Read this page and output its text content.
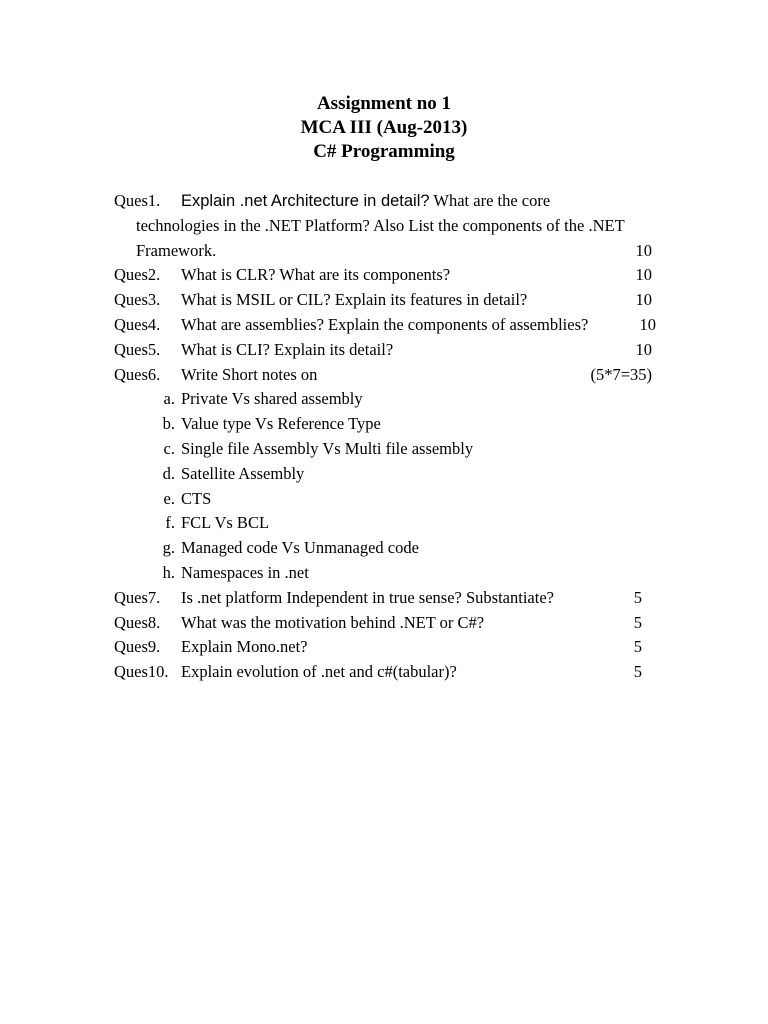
Assignment no 1
MCA III (Aug-2013)
C# Programming
Ques1. Explain .net Architecture in detail? What are the core
technologies in the .NET Platform? Also List the components of the .NET
Framework.	10
Ques2. What is CLR? What are its components?	10
Ques3. What is MSIL or CIL? Explain its features in detail?	10
Ques4. What are assemblies? Explain the components of assemblies?	10
Ques5. What is CLI? Explain its detail?	10
Ques6. Write Short notes on	(5*7=35)
a. Private Vs shared assembly
b. Value type Vs Reference Type
c. Single file Assembly Vs Multi file assembly
d. Satellite Assembly
e. CTS
f. FCL Vs BCL
g. Managed code Vs Unmanaged code
h. Namespaces in .net
Ques7. Is .net platform Independent in true sense? Substantiate?	5
Ques8. What was the motivation behind .NET or C#?	5
Ques9. Explain Mono.net?	5
Ques10. Explain evolution of .net and c#(tabular)?	5
